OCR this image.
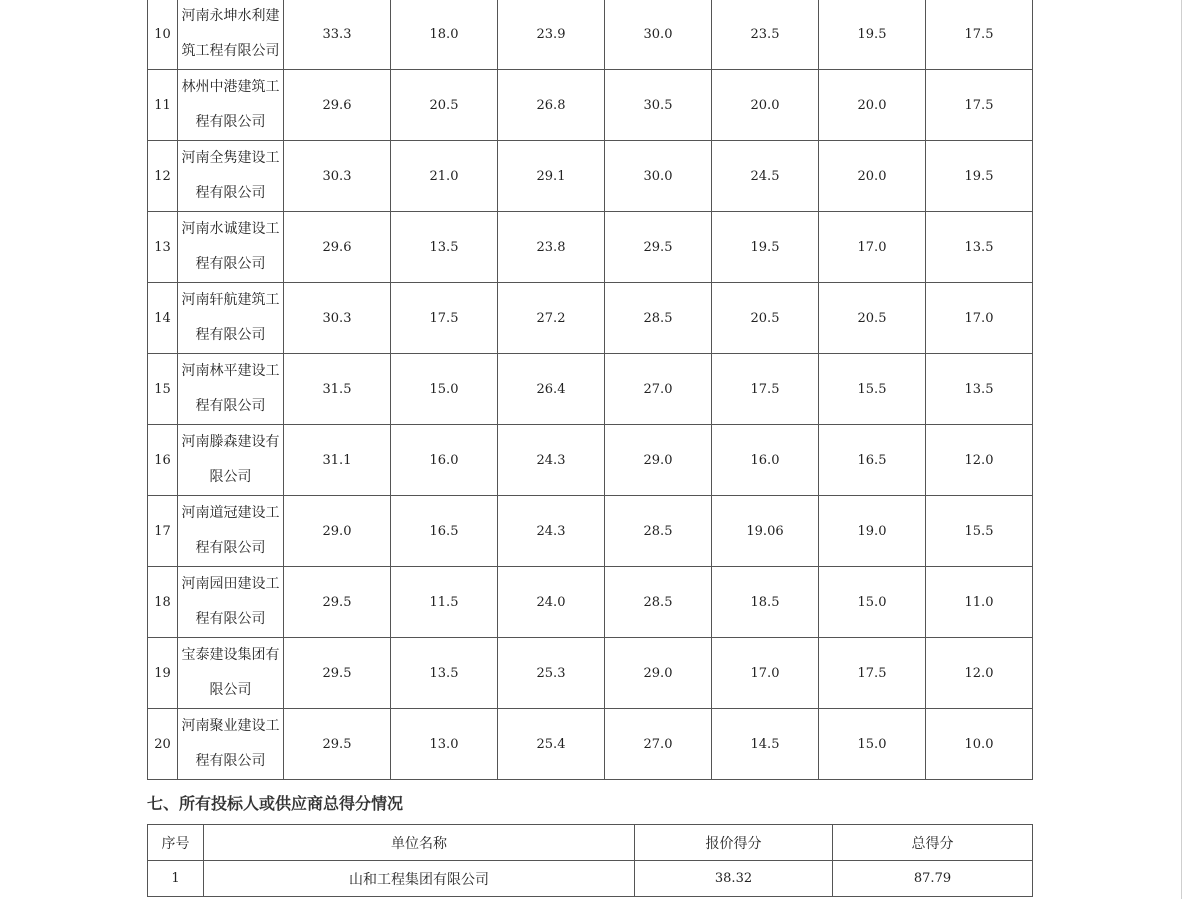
10	河南永坤水利建筑工程有限公司	33.3	18.0	23.9	30.0	23.5	19.5	17.5
11	林州中港建筑工程有限公司	29.6	20.5	26.8	30.5	20.0	20.0	17.5
12	河南全隽建设工程有限公司	30.3	21.0	29.1	30.0	24.5	20.0	19.5
13	河南水诚建设工程有限公司	29.6	13.5	23.8	29.5	19.5	17.0	13.5
14	河南轩航建筑工程有限公司	30.3	17.5	27.2	28.5	20.5	20.5	17.0
15	河南林平建设工程有限公司	31.5	15.0	26.4	27.0	17.5	15.5	13.5
16	河南滕森建设有限公司	31.1	16.0	24.3	29.0	16.0	16.5	12.0
17	河南道冠建设工程有限公司	29.0	16.5	24.3	28.5	19.06	19.0	15.5
18	河南园田建设工程有限公司	29.5	11.5	24.0	28.5	18.5	15.0	11.0
19	宝泰建设集团有限公司	29.5	13.5	25.3	29.0	17.0	17.5	12.0
20	河南聚业建设工程有限公司	29.5	13.0	25.4	27.0	14.5	15.0	10.0
七、所有投标人或供应商总得分情况
序号	单位名称	报价得分	总得分
1	山和工程集团有限公司	38.32	87.79
